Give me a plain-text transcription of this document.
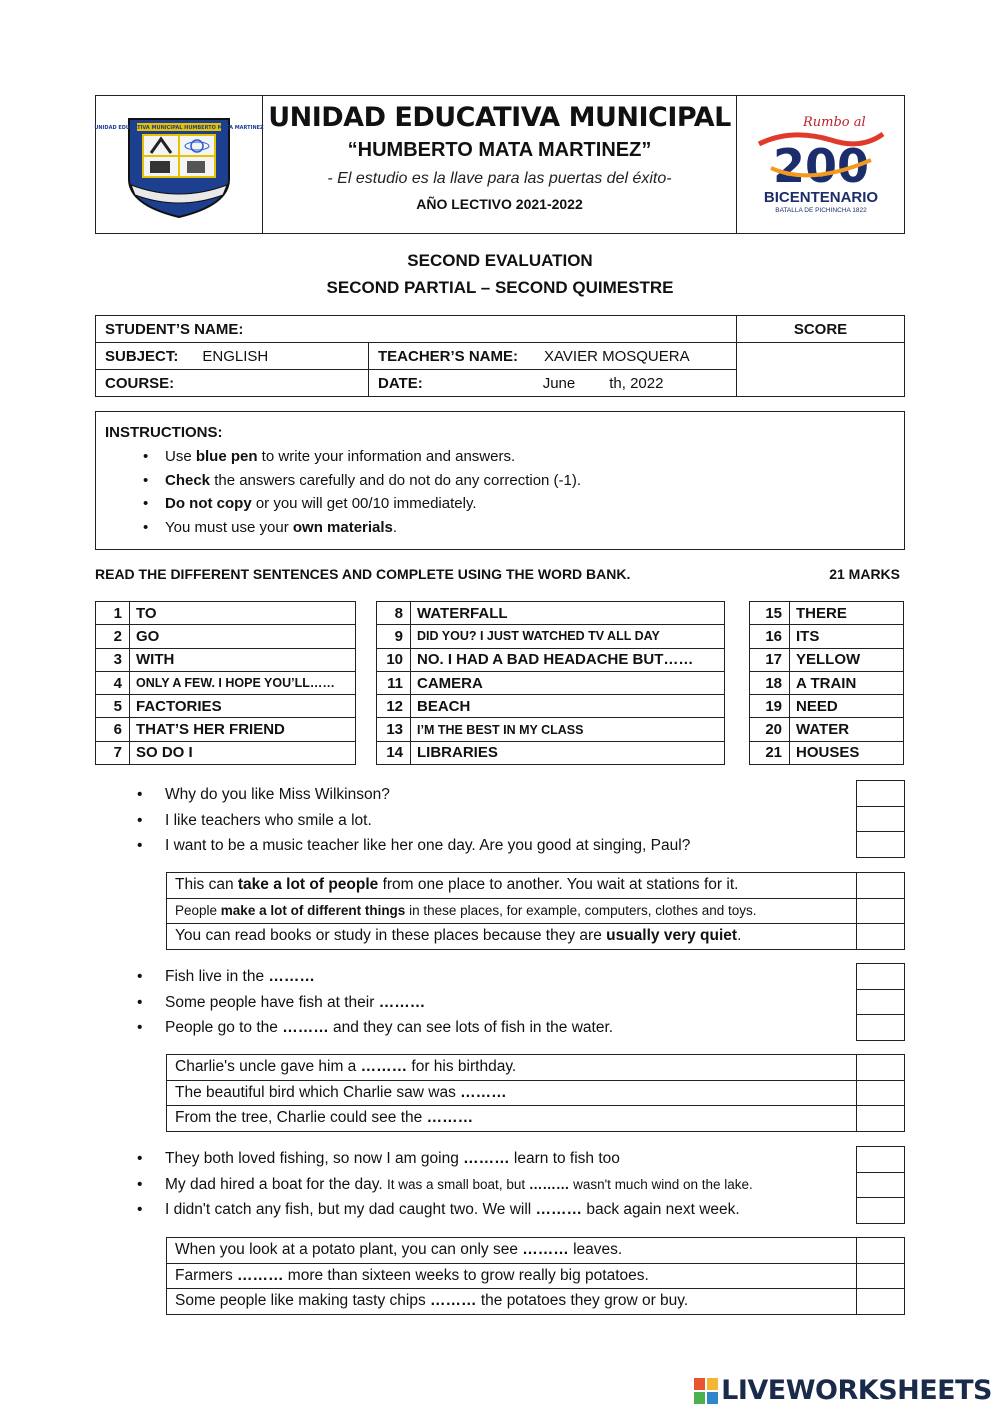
UNIDAD EDUCATIVA MUNICIPAL HUMBERTO MATA MARTINEZ UNIDAD EDUCATIVA MUNICIPAL
“HUMBERTO MATA MARTINEZ”
- El estudio es la llave para las puertas del éxito-
AÑO LECTIVO 2021-2022
Rumbo al
200
BICENTENARIO
BATALLA DE PICHINCHA 1822
SECOND EVALUATION
SECOND PARTIAL – SECOND QUIMESTRE
STUDENT’S NAME:		SCORE
SUBJECT: ENGLISH	TEACHER’S NAME: XAVIER MOSQUERA	
COURSE:	DATE: June th, 2022	
INSTRUCTIONS:
• Use blue pen to write your information and answers.
• Check the answers carefully and do not do any correction (-1).
• Do not copy or you will get 00/10 immediately.
• You must use your own materials.
READ THE DIFFERENT SENTENCES AND COMPLETE USING THE WORD BANK.	21 MARKS
1	TO
2	GO
3	WITH
4	ONLY A FEW. I HOPE YOU’LL……
5	FACTORIES
6	THAT’S HER FRIEND
7	SO DO I
8	WATERFALL
9	DID YOU? I JUST WATCHED TV ALL DAY
10	NO. I HAD A BAD HEADACHE BUT……
11	CAMERA
12	BEACH
13	I’M THE BEST IN MY CLASS
14	LIBRARIES
15	THERE
16	ITS
17	YELLOW
18	A TRAIN
19	NEED
20	WATER
21	HOUSES
• Why do you like Miss Wilkinson?
• I like teachers who smile a lot.
• I want to be a music teacher like her one day. Are you good at singing, Paul?

This can take a lot of people from one place to another. You wait at stations for it.	
People make a lot of different things in these places, for example, computers, clothes and toys.	
You can read books or study in these places because they are usually very quiet.	
• Fish live in the ………
• Some people have fish at their ………
• People go to the ……… and they can see lots of fish in the water.

Charlie's uncle gave him a ……… for his birthday.	
The beautiful bird which Charlie saw was ………	
From the tree, Charlie could see the ………	
• They both loved fishing, so now I am going ……… learn to fish too
• My dad hired a boat for the day. It was a small boat, but ……… wasn't much wind on the lake.
• I didn't catch any fish, but my dad caught two. We will ……… back again next week.

When you look at a potato plant, you can only see ……… leaves.	
Farmers ……… more than sixteen weeks to grow really big potatoes.	
Some people like making tasty chips ……… the potatoes they grow or buy.	
LIVEWORKSHEETS
